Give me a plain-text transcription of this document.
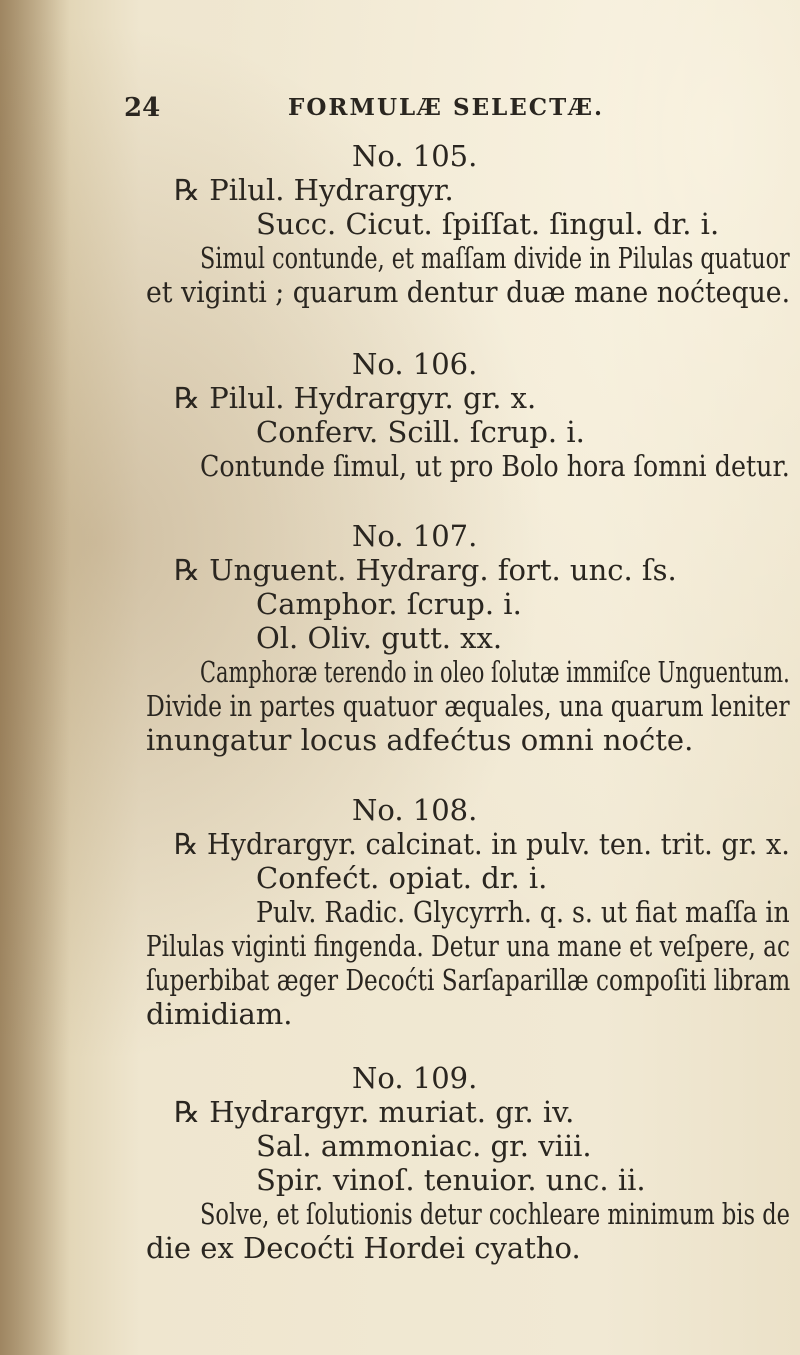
24	FORMULÆ SELECTÆ.
No. 105.
℞ Pilul. Hydrargyr.
Succ. Cicut. ſpiſſat. ſingul. dr. i.
Simul contunde, et maſſam divide in Pilulas quatuor
et viginti ; quarum dentur duæ mane noćteque.
No. 106.
℞ Pilul. Hydrargyr. gr. x.
Conferv. Scill. ſcrup. i.
Contunde ſimul, ut pro Bolo hora ſomni detur.
No. 107.
℞ Unguent. Hydrarg. fort. unc. ſs.
Camphor. ſcrup. i.
Ol. Oliv. gutt. xx.
Camphoræ terendo in oleo ſolutæ immiſce Unguentum.
Divide in partes quatuor æquales, una quarum leniter
inungatur locus adfećtus omni noćte.
No. 108.
℞ Hydrargyr. calcinat. in pulv. ten. trit. gr. x.
Confećt. opiat. dr. i.
Pulv. Radic. Glycyrrh. q. s. ut fiat maſſa in
Pilulas viginti fingenda. Detur una mane et veſpere, ac
ſuperbibat æger Decoćti Sarſaparillæ compoſiti libram
dimidiam.
No. 109.
℞ Hydrargyr. muriat. gr. iv.
Sal. ammoniac. gr. viii.
Spir. vinoſ. tenuior. unc. ii.
Solve, et ſolutionis detur cochleare minimum bis de
die ex Decoćti Hordei cyatho.
